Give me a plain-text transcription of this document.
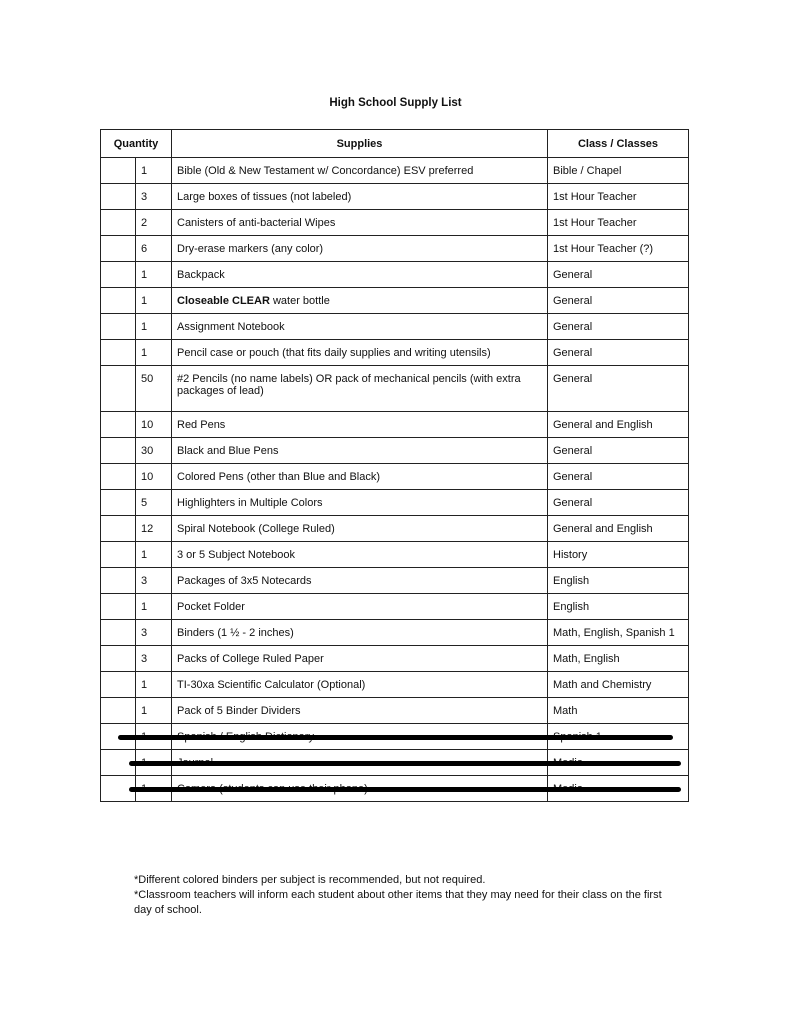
High School Supply List
Quantity		Supplies	Class / Classes
	1	Bible (Old & New Testament w/ Concordance) ESV preferred	Bible / Chapel
	3	Large boxes of tissues (not labeled)	1st Hour Teacher
	2	Canisters of anti-bacterial Wipes	1st Hour Teacher
	6	Dry-erase markers (any color)	1st Hour Teacher (?)
	1	Backpack	General
	1	Closeable CLEAR water bottle	General
	1	Assignment Notebook	General
	1	Pencil case or pouch (that fits daily supplies and writing utensils)	General
	50	#2 Pencils (no name labels) OR pack of mechanical pencils (with extra packages of lead)	General
	10	Red Pens	General and English
	30	Black and Blue Pens	General
	10	Colored Pens (other than Blue and Black)	General
	5	Highlighters in Multiple Colors	General
	12	Spiral Notebook (College Ruled)	General and English
	1	3 or 5 Subject Notebook	History
	3	Packages of 3x5 Notecards	English
	1	Pocket Folder	English
	3	Binders (1 ½ - 2 inches)	Math, English, Spanish 1
	3	Packs of College Ruled Paper	Math, English
	1	TI-30xa Scientific Calculator (Optional)	Math and Chemistry
	1	Pack of 5 Binder Dividers	Math

*Different colored binders per subject is recommended, but not required.

*Classroom teachers will inform each student about other items that they may need for their class on the first day of school.
